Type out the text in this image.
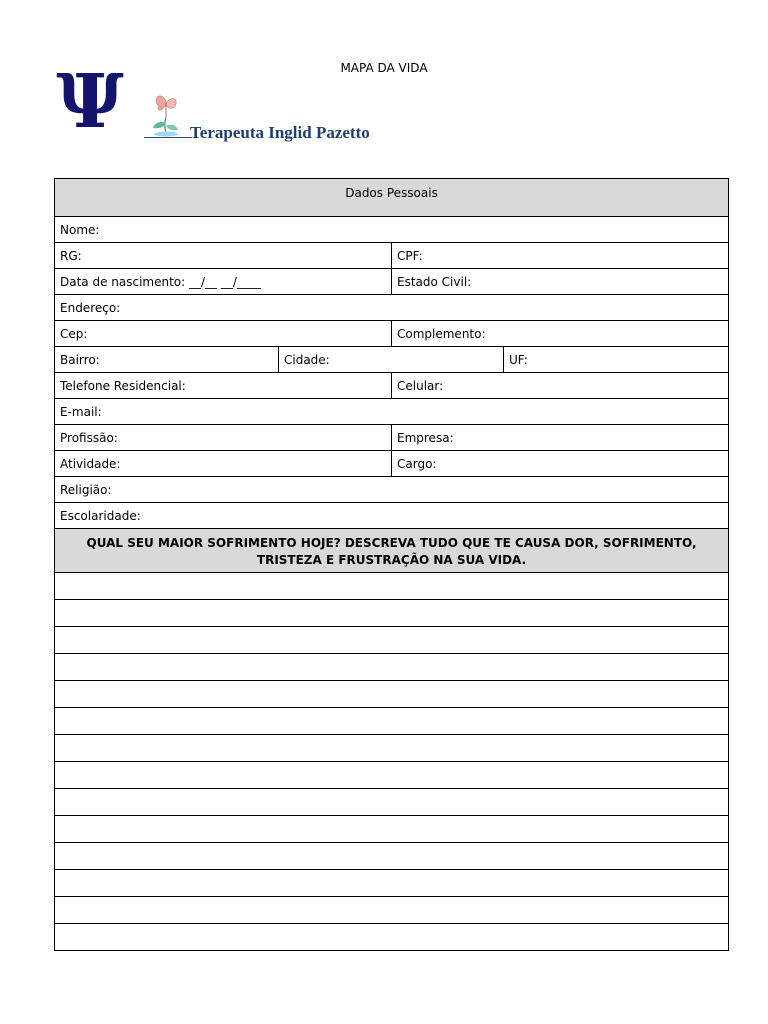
MAPA DA VIDA
Ψ	Terapeuta Inglid Pazetto
Dados Pessoais			
Nome:			
RG:		CPF:	
Data de nascimento: __/__ __/____		Estado Civil:	
Endereço:			
Cep:		Complemento:	
Bairro:	Cidade:		UF:
Telefone Residencial:		Celular:	
E-mail:			
Profissão:		Empresa:	
Atividade:		Cargo:	
Religião:			
Escolaridade:			
QUAL SEU MAIOR SOFRIMENTO HOJE? DESCREVA TUDO QUE TE CAUSA DOR, SOFRIMENTO, TRISTEZA E FRUSTRAÇÃO NA SUA VIDA.			
